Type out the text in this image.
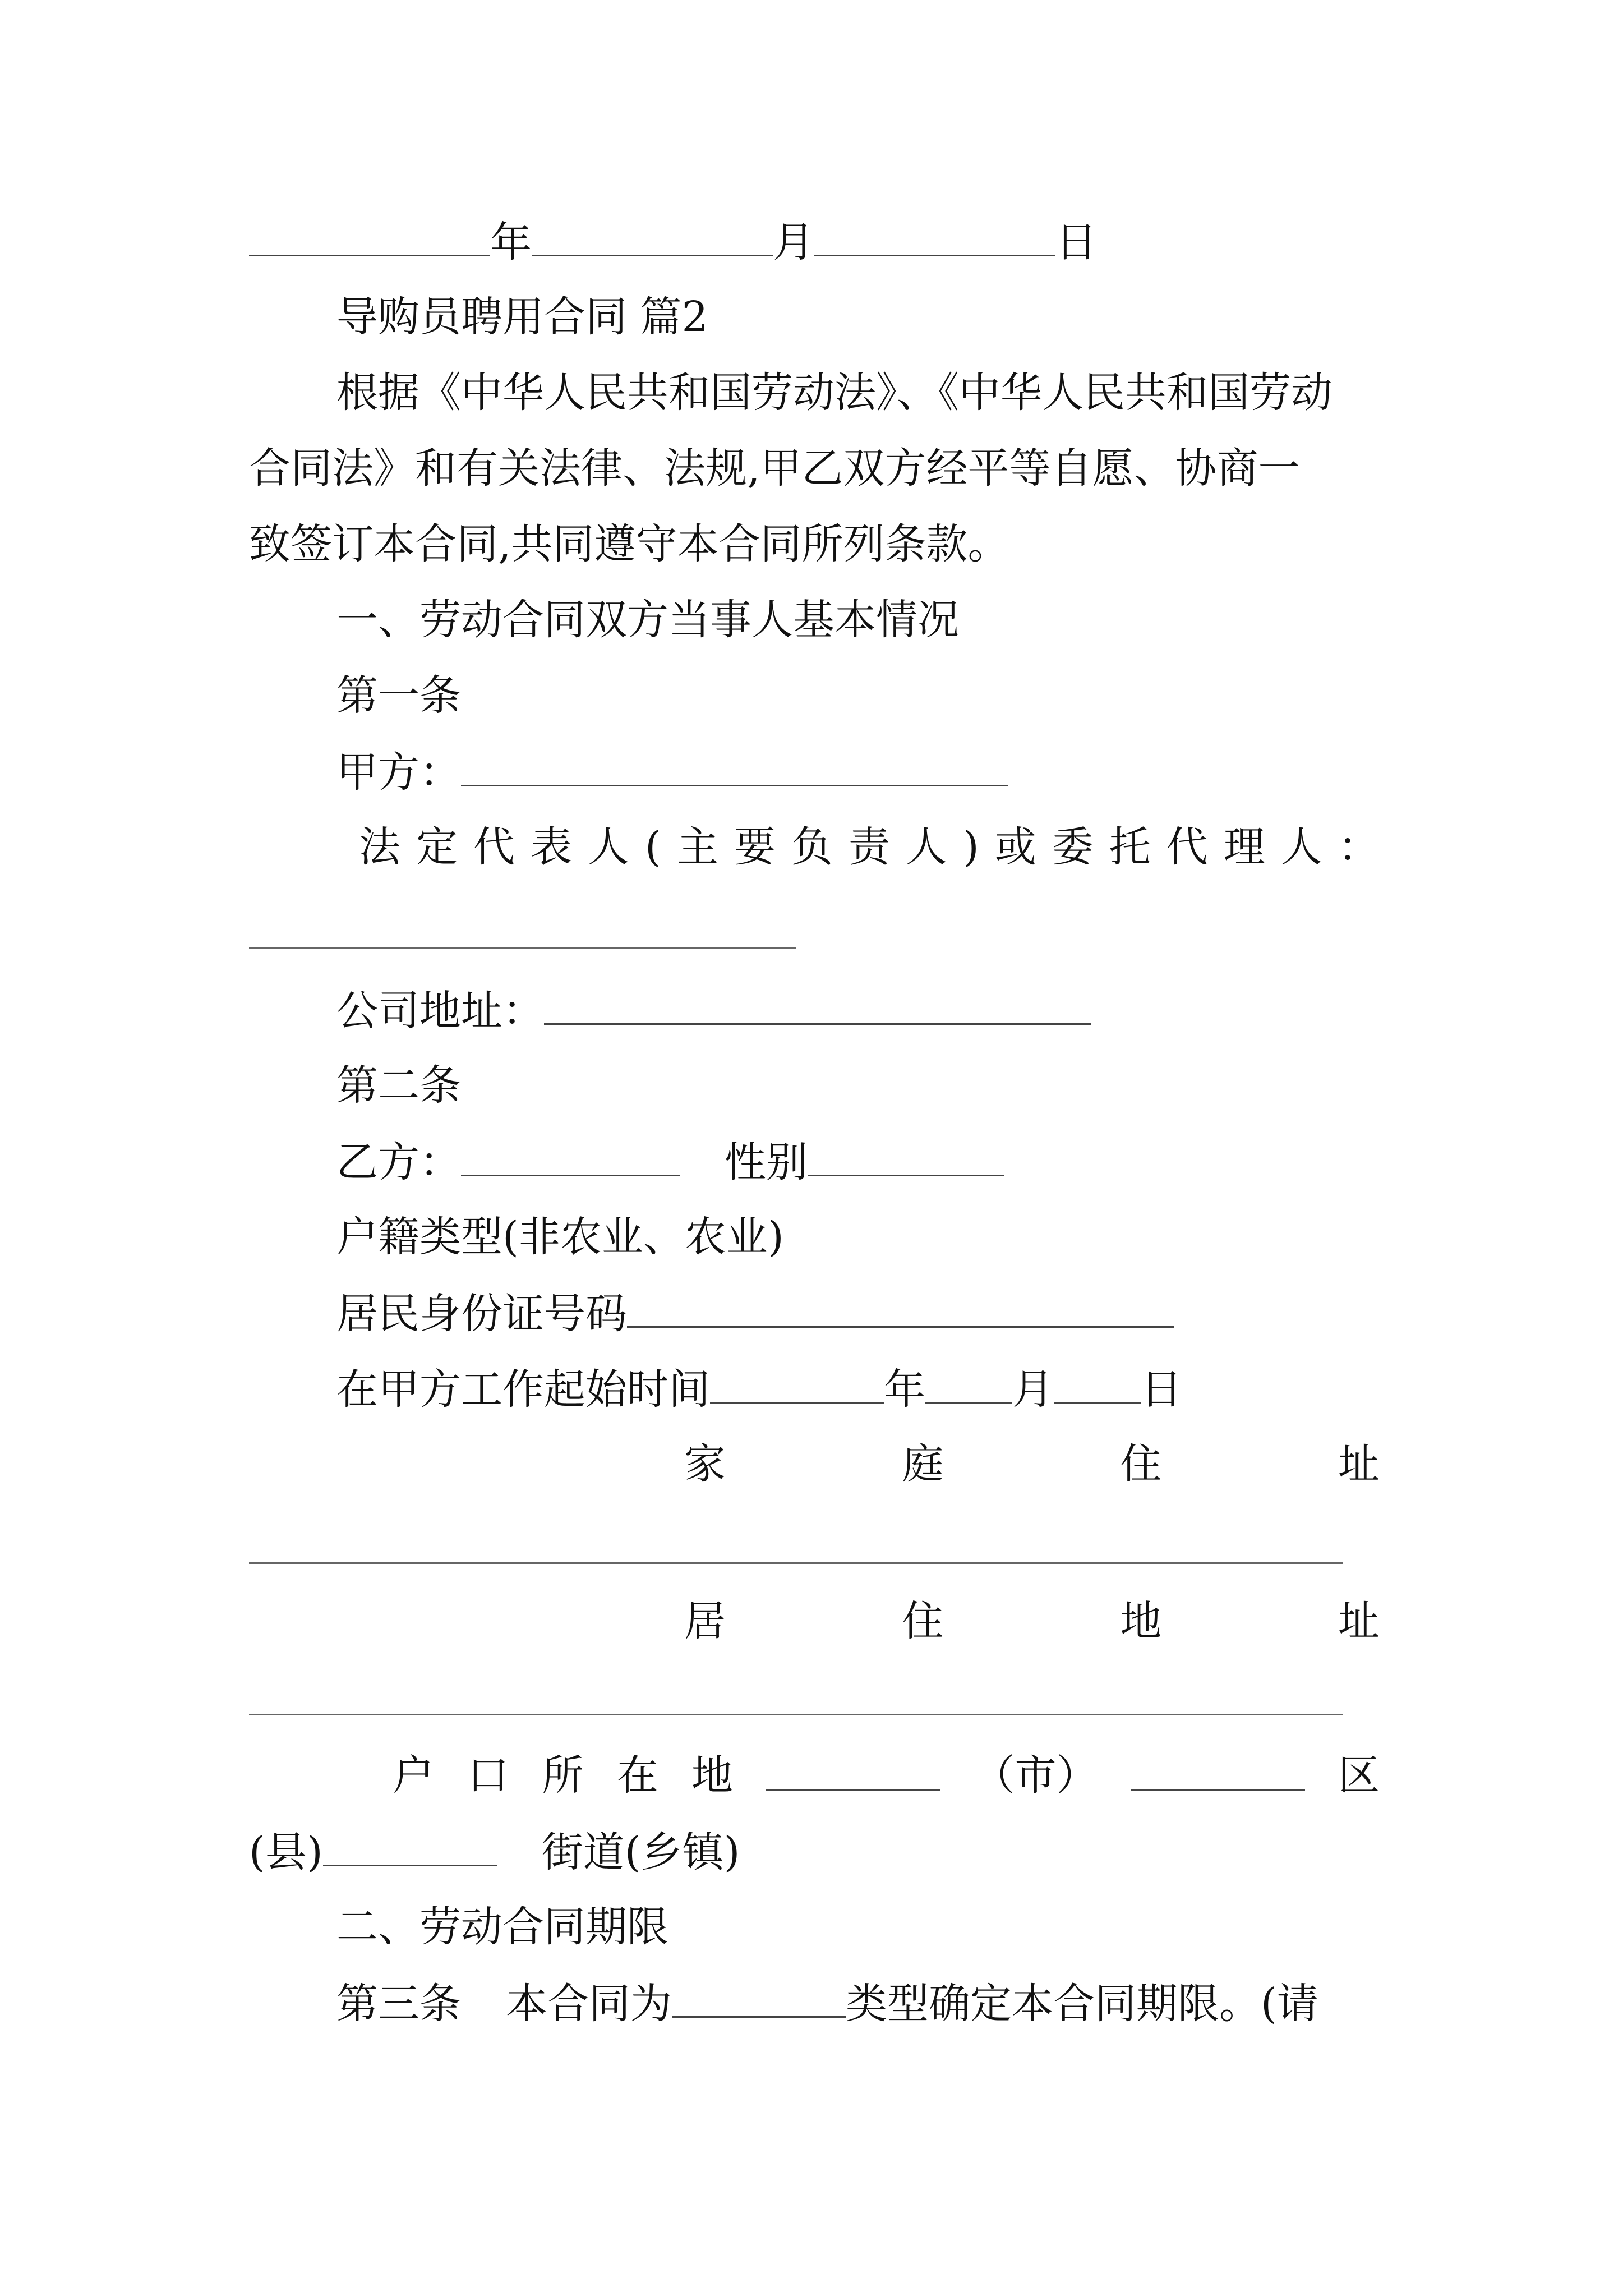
年	月	日
导购员聘用合同 篇2
根据《中华人民共和国劳动法》、《中华人民共和国劳动
合同法》和有关法律、法规,甲乙双方经平等自愿、协商一
致签订本合同,共同遵守本合同所列条款。
一、劳动合同双方当事人基本情况
第一条
甲方：
法 定 代 表 人 ( 主 要 负 责 人 ) 或 委 托 代 理 人 ：
公司地址：
第二条
乙方：	性别
户籍类型(非农业、农业)
居民身份证号码
在甲方工作起始时间	年 月 日
家	庭	住	址
居	住	地	址
户 口 所 在 地	（市）	区
(县)	街道(乡镇)
二、劳动合同期限
第三条 本合同为	类型确定本合同期限。(请
